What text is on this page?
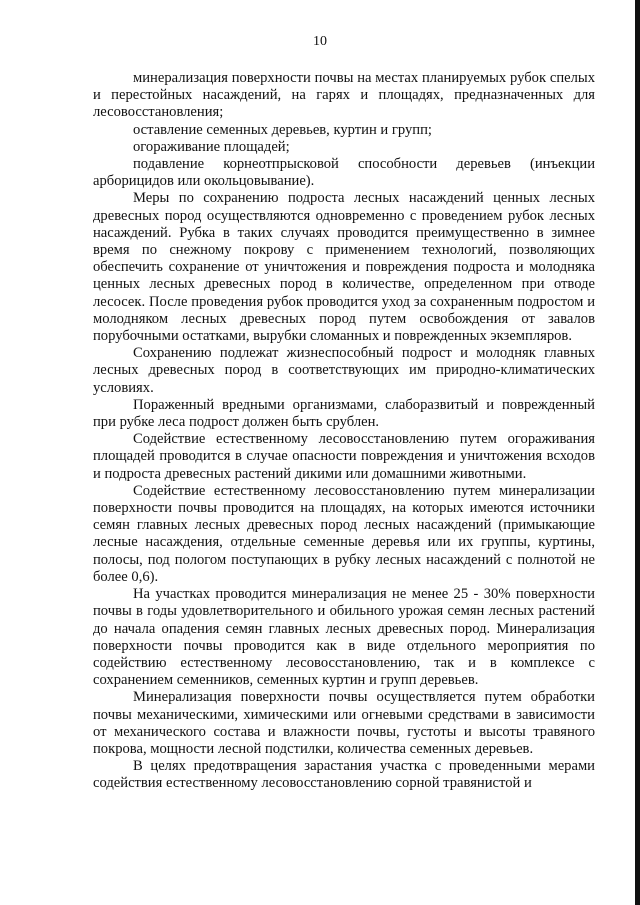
10

минерализация поверхности почвы на местах планируемых рубок спелых и перестойных насаждений, на гарях и площадях, предназначенных для лесовосстановления;

оставление семенных деревьев, куртин и групп;

огораживание площадей;

подавление корнеотпрысковой способности деревьев (инъекции арборицидов или окольцовывание).

Меры по сохранению подроста лесных насаждений ценных лесных древесных пород осуществляются одновременно с проведением рубок лесных насаждений. Рубка в таких случаях проводится преимущественно в зимнее время по снежному покрову с применением технологий, позволяющих обеспечить сохранение от уничтожения и повреждения подроста и молодняка ценных лесных древесных пород в количестве, определенном при отводе лесосек. После проведения рубок проводится уход за сохраненным подростом и молодняком лесных древесных пород путем освобождения от завалов порубочными остатками, вырубки сломанных и поврежденных экземпляров.

Сохранению подлежат жизнеспособный подрост и молодняк главных лесных древесных пород в соответствующих им природно-климатических условиях.

Пораженный вредными организмами, слаборазвитый и поврежденный при рубке леса подрост должен быть срублен.

Содействие естественному лесовосстановлению путем огораживания площадей проводится в случае опасности повреждения и уничтожения всходов и подроста древесных растений дикими или домашними животными.

Содействие естественному лесовосстановлению путем минерализации поверхности почвы проводится на площадях, на которых имеются источники семян главных лесных древесных пород лесных насаждений (примыкающие лесные насаждения, отдельные семенные деревья или их группы, куртины, полосы, под пологом поступающих в рубку лесных насаждений с полнотой не более 0,6).

На участках проводится минерализация не менее 25 - 30% поверхности почвы в годы удовлетворительного и обильного урожая семян лесных растений до начала опадения семян главных лесных древесных пород. Минерализация поверхности почвы проводится как в виде отдельного мероприятия по содействию естественному лесовосстановлению, так и в комплексе с сохранением семенников, семенных куртин и групп деревьев.

Минерализация поверхности почвы осуществляется путем обработки почвы механическими, химическими или огневыми средствами в зависимости от механического состава и влажности почвы, густоты и высоты травяного покрова, мощности лесной подстилки, количества семенных деревьев.

В целях предотвращения зарастания участка с проведенными мерами содействия естественному лесовосстановлению сорной травянистой и
